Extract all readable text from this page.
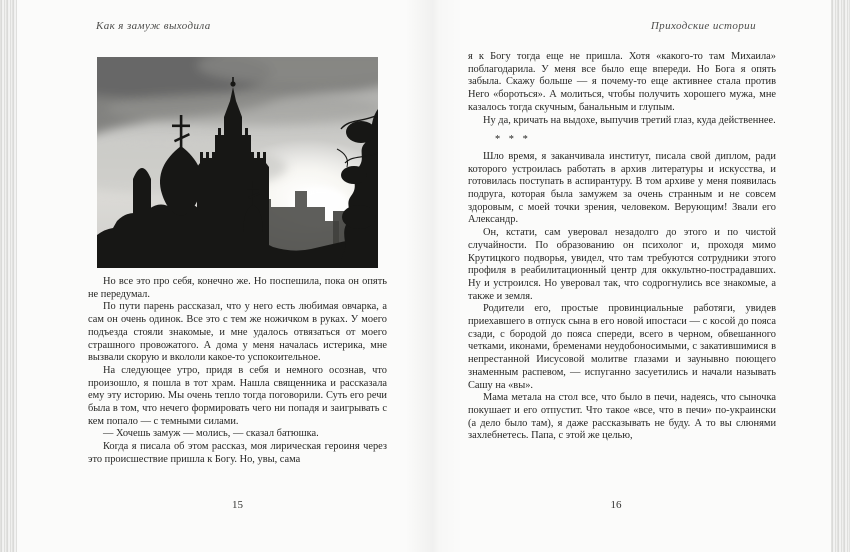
Как я замуж выходила	Приходские истории

Но все это про себя, конечно же. Но поспешила, пока он опять не передумал.

По пути парень рассказал, что у него есть любимая овчарка, а сам он очень одинок. Все это с тем же ножичком в руках. У моего подъезда стояли знакомые, и мне удалось отвязаться от моего страшного провожатого. А дома у меня началась истерика, мне вызвали скорую и вкололи какое-то успокоительное.

На следующее утро, придя в себя и немного осознав, что произошло, я пошла в тот храм. Нашла священника и рассказала ему эту историю. Мы очень тепло тогда поговорили. Суть его речи была в том, что нечего формировать чего ни попадя и заигрывать с кем попало — с темными силами.

— Хочешь замуж — молись, — сказал батюшка.

Когда я писала об этом рассказ, моя лирическая героиня через это происшествие пришла к Богу. Но, увы, сама

я к Богу тогда еще не пришла. Хотя «какого-то там Михаила» поблагодарила. У меня все было еще впереди. Но Бога я опять забыла. Скажу больше — я почему-то еще активнее стала против Него «бороться». А молиться, чтобы получить хорошего мужа, мне казалось тогда скучным, банальным и глупым.

Ну да, кричать на выдохе, выпучив третий глаз, куда действеннее.

* * *

Шло время, я заканчивала институт, писала свой диплом, ради которого устроилась работать в архив литературы и искусства, и готовилась поступать в аспирантуру. В том архиве у меня появилась подруга, которая была замужем за очень странным и не совсем здоровым, с моей точки зрения, человеком. Верующим! Звали его Александр.

Он, кстати, сам уверовал незадолго до этого и по чистой случайности. По образованию он психолог и, проходя мимо Крутицкого подворья, увидел, что там требуются сотрудники этого профиля в реабилитационный центр для оккультно-пострадавших. Ну и устроился. Но уверовал так, что содрогнулись все знакомые, а также и земля.

Родители его, простые провинциальные работяги, увидев приехавшего в отпуск сына в его новой ипостаси — с косой до пояса сзади, с бородой до пояса спереди, всего в черном, обвешанного четками, иконами, бременами неудобоносимыми, с закатившимися в непрестанной Иисусовой молитве глазами и заунывно поющего знаменным распевом, — испуганно засуетились и начали называть Сашу на «вы».

Мама метала на стол все, что было в печи, надеясь, что сыночка покушает и его отпустит. Что такое «все, что в печи» по-украински (а дело было там), я даже рассказывать не буду. А то вы слюнями захлебнетесь. Папа, с этой же целью,

15	16
